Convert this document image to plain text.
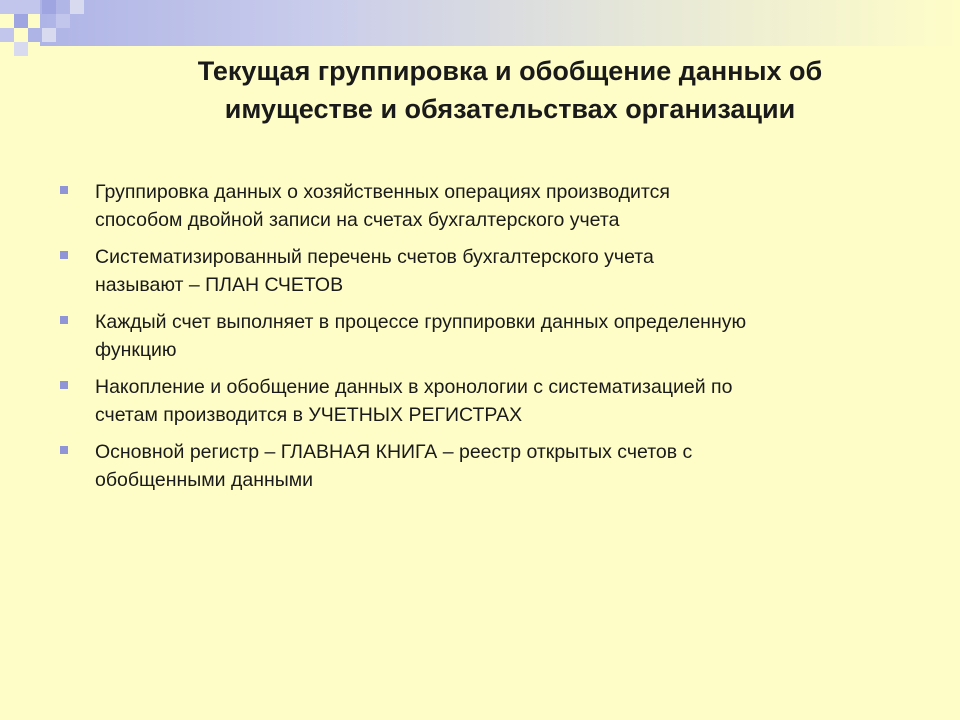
Текущая группировка и обобщение данных об
имуществе и обязательствах организации
Группировка данных о хозяйственных операциях производится
способом двойной записи на счетах бухгалтерского учета
Систематизированный перечень счетов бухгалтерского учета
называют – ПЛАН СЧЕТОВ
Каждый счет выполняет в процессе группировки данных определенную
функцию
Накопление и обобщение данных в хронологии с систематизацией по
счетам производится в УЧЕТНЫХ РЕГИСТРАХ
Основной регистр – ГЛАВНАЯ КНИГА – реестр открытых счетов с
обобщенными данными
